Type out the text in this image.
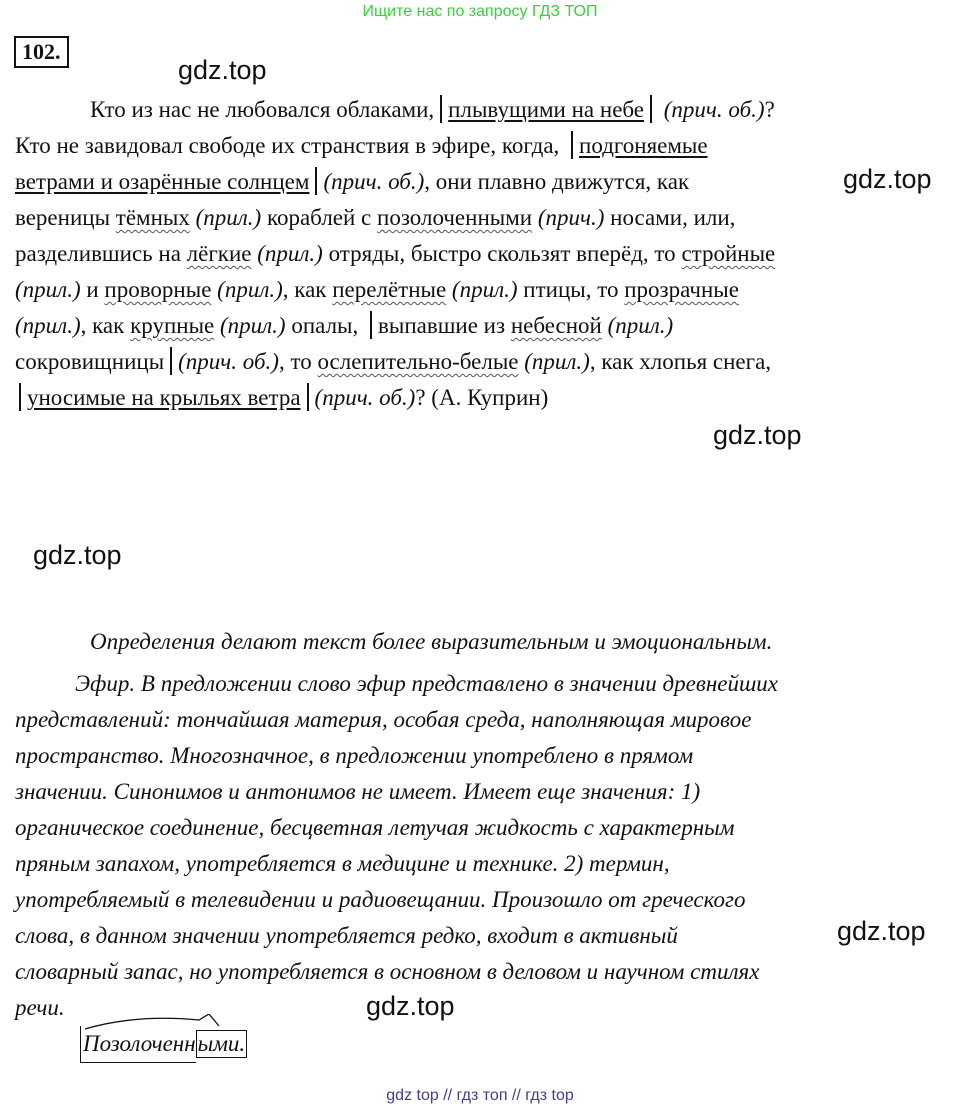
Ищите нас по запросу ГДЗ ТОП
102.
gdz.top
gdz.top
gdz.top
gdz.top
gdz.top
gdz.top
Кто из нас не любовался облаками, плывущими на небе (прич. об.)?
Кто не завидовал свободе их странствия в эфире, когда, подгоняемые
ветрами и озарённые солнцем (прич. об.), они плавно движутся, как
вереницы тёмных (прил.) кораблей с позолоченными (прич.) носами, или,
разделившись на лёгкие (прил.) отряды, быстро скользят вперёд, то стройные
(прил.) и проворные (прил.), как перелётные (прил.) птицы, то прозрачные
(прил.), как крупные (прил.) опалы, выпавшие из небесной (прил.)
сокровищницы (прич. об.), то ослепительно-белые (прил.), как хлопья снега,
уносимые на крыльях ветра (прич. об.)? (А. Куприн)
Определения делают текст более выразительным и эмоциональным.
Эфир. В предложении слово эфир представлено в значении древнейших
представлений: тончайшая материя, особая среда, наполняющая мировое
пространство. Многозначное, в предложении употреблено в прямом
значении. Синонимов и антонимов не имеет. Имеет еще значения: 1)
органическое соединение, бесцветная летучая жидкость с характерным
пряным запахом, употребляется в медицине и технике. 2) термин,
употребляемый в телевидении и радиовещании. Произошло от греческого
слова, в данном значении употребляется редко, входит в активный
словарный запас, но употребляется в основном в деловом и научном стилях
речи.
Позолоченными.
gdz top // гдз топ // гдз top
